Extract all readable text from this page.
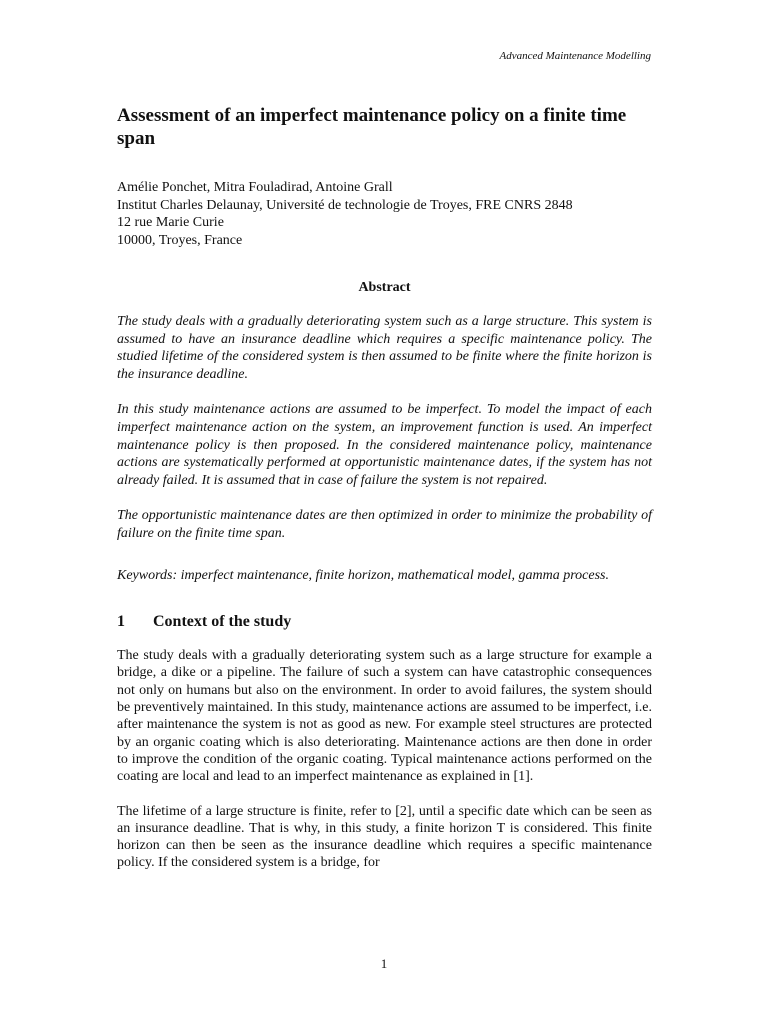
Advanced Maintenance Modelling
Assessment of an imperfect maintenance policy on a finite time span

Amélie Ponchet, Mitra Fouladirad, Antoine Grall

Institut Charles Delaunay, Université de technologie de Troyes, FRE CNRS 2848

12 rue Marie Curie

10000, Troyes, France

Abstract

The study deals with a gradually deteriorating system such as a large structure. This system is assumed to have an insurance deadline which requires a specific maintenance policy. The studied lifetime of the considered system is then assumed to be finite where the finite horizon is the insurance deadline.

In this study maintenance actions are assumed to be imperfect. To model the impact of each imperfect maintenance action on the system, an improvement function is used. An imperfect maintenance policy is then proposed. In the considered maintenance policy, maintenance actions are systematically performed at opportunistic maintenance dates, if the system has not already failed. It is assumed that in case of failure the system is not repaired.

The opportunistic maintenance dates are then optimized in order to minimize the probability of failure on the finite time span.

Keywords: imperfect maintenance, finite horizon, mathematical model, gamma process.

1	Context of the study

The study deals with a gradually deteriorating system such as a large structure for example a bridge, a dike or a pipeline. The failure of such a system can have catastrophic consequences not only on humans but also on the environment. In order to avoid failures, the system should be preventively maintained. In this study, maintenance actions are assumed to be imperfect, i.e. after maintenance the system is not as good as new. For example steel structures are protected by an organic coating which is also deteriorating. Maintenance actions are then done in order to improve the condition of the organic coating. Typical maintenance actions performed on the coating are local and lead to an imperfect maintenance as explained in [1].

The lifetime of a large structure is finite, refer to [2], until a specific date which can be seen as an insurance deadline. That is why, in this study, a finite horizon T is considered. This finite horizon can then be seen as the insurance deadline which requires a specific maintenance policy. If the considered system is a bridge, for

1
